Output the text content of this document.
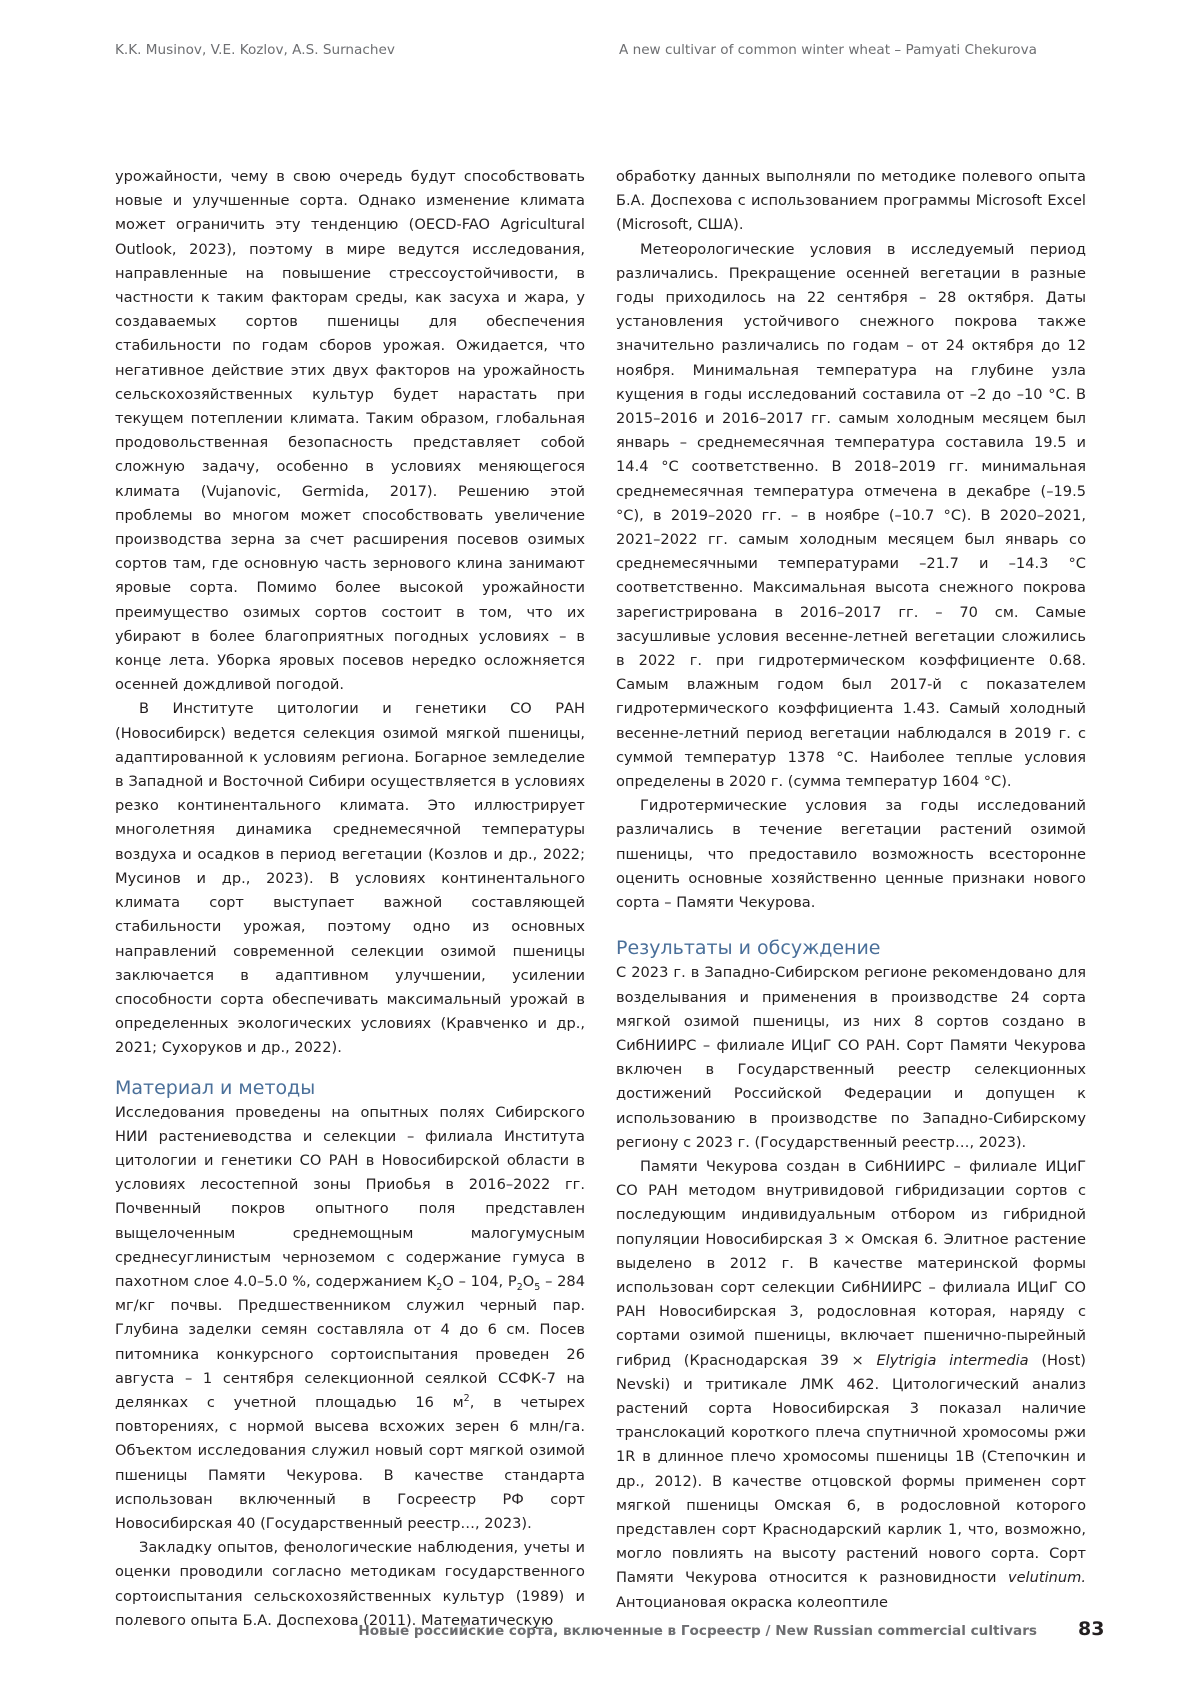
K.K. Musinov, V.E. Kozlov, A.S. Surnachev	A new cultivar of common winter wheat – Pamyati Chekurova

урожайности, чему в свою очередь будут способствовать новые и улучшенные сорта. Однако изменение климата может ограничить эту тенденцию (OECD-FAO Agricultural Outlook, 2023), поэтому в мире ведутся исследования, направленные на повышение стрессоустойчивости, в частности к таким факторам среды, как засуха и жара, у создаваемых сортов пшеницы для обеспечения стабильности по годам сборов урожая. Ожидается, что негативное действие этих двух факторов на урожайность сельскохозяйственных культур будет нарастать при текущем потеплении климата. Таким образом, глобальная продовольственная безопасность представляет собой сложную задачу, особенно в условиях меняющегося климата (Vujanovic, Germida, 2017). Решению этой проблемы во многом может способствовать увеличение производства зерна за счет расширения посевов озимых сортов там, где основную часть зернового клина занимают яровые сорта. Помимо более высокой урожайности преимущество озимых сортов состоит в том, что их убирают в более благоприятных погодных условиях – в конце лета. Уборка яровых посевов нередко осложняется осенней дождливой погодой.

В Институте цитологии и генетики СО РАН (Новосибирск) ведется селекция озимой мягкой пшеницы, адаптированной к условиям региона. Богарное земледелие в Западной и Восточной Сибири осуществляется в условиях резко континентального климата. Это иллюстрирует многолетняя динамика среднемесячной температуры воздуха и осадков в период вегетации (Козлов и др., 2022; Мусинов и др., 2023). В условиях континентального климата сорт выступает важной составляющей стабильности урожая, поэтому одно из основных направлений современной селекции озимой пшеницы заключается в адаптивном улучшении, усилении способности сорта обеспечивать максимальный урожай в определенных экологических условиях (Кравченко и др., 2021; Сухоруков и др., 2022).

Материал и методы

Исследования проведены на опытных полях Сибирского НИИ растениеводства и селекции – филиала Института цитологии и генетики СО РАН в Новосибирской области в условиях лесостепной зоны Приобья в 2016–2022 гг. Почвенный покров опытного поля представлен выщелоченным среднемощным малогумусным среднесуглинистым черноземом с содержание гумуса в пахотном слое 4.0–5.0 %, содержанием $K_2O - 104$, $P_2O_5 - 284$ мг/кг почвы. Предшественником служил черный пар. Глубина заделки семян составляла от 4 до 6 см. Посев питомника конкурсного сортоиспытания проведен 26 августа – 1 сентября селекционной сеялкой ССФК-7 на делянках с учетной площадью 16 $м^2$, в четырех повторениях, с нормой высева всхожих зерен 6 млн/га. Объектом исследования служил новый сорт мягкой озимой пшеницы Памяти Чекурова. В качестве стандарта использован включенный в Госреестр РФ сорт Новосибирская 40 (Государственный реестр…, 2023).

Закладку опытов, фенологические наблюдения, учеты и оценки проводили согласно методикам государственного сортоиспытания сельскохозяйственных культур (1989) и полевого опыта Б.А. Доспехова (2011). Математическую

обработку данных выполняли по методике полевого опыта Б.А. Доспехова с использованием программы Microsoft Excel (Microsoft, США).

Метеорологические условия в исследуемый период различались. Прекращение осенней вегетации в разные годы приходилось на 22 сентября – 28 октября. Даты установления устойчивого снежного покрова также значительно различались по годам – от 24 октября до 12 ноября. Минимальная температура на глубине узла кущения в годы исследований составила от –2 до –10 °C. В 2015–2016 и 2016–2017 гг. самым холодным месяцем был январь – среднемесячная температура составила 19.5 и 14.4 °C соответственно. В 2018–2019 гг. минимальная среднемесячная температура отмечена в декабре (–19.5 °C), в 2019–2020 гг. – в ноябре (–10.7 °C). В 2020–2021, 2021–2022 гг. самым холодным месяцем был январь со среднемесячными температурами –21.7 и –14.3 °C соответственно. Максимальная высота снежного покрова зарегистрирована в 2016–2017 гг. – 70 см. Самые засушливые условия весенне-летней вегетации сложились в 2022 г. при гидротермическом коэффициенте 0.68. Самым влажным годом был 2017-й с показателем гидротермического коэффициента 1.43. Самый холодный весенне-летний период вегетации наблюдался в 2019 г. с суммой температур 1378 °C. Наиболее теплые условия определены в 2020 г. (сумма температур 1604 °C).

Гидротермические условия за годы исследований различались в течение вегетации растений озимой пшеницы, что предоставило возможность всесторонне оценить основные хозяйственно ценные признаки нового сорта – Памяти Чекурова.

Результаты и обсуждение

С 2023 г. в Западно-Сибирском регионе рекомендовано для возделывания и применения в производстве 24 сорта мягкой озимой пшеницы, из них 8 сортов создано в СибНИИРС – филиале ИЦиГ СО РАН. Сорт Памяти Чекурова включен в Государственный реестр селекционных достижений Российской Федерации и допущен к использованию в производстве по Западно-Сибирскому региону с 2023 г. (Государственный реестр…, 2023).

Памяти Чекурова создан в СибНИИРС – филиале ИЦиГ СО РАН методом внутривидовой гибридизации сортов с последующим индивидуальным отбором из гибридной популяции Новосибирская 3 × Омская 6. Элитное растение выделено в 2012 г. В качестве материнской формы использован сорт селекции СибНИИРС – филиала ИЦиГ СО РАН Новосибирская 3, родословная которая, наряду с сортами озимой пшеницы, включает пшенично-пырейный гибрид (Краснодарская 39 × Elytrigia intermedia (Host) Nevski) и тритикале ЛМК 462. Цитологический анализ растений сорта Новосибирская 3 показал наличие транслокаций короткого плеча спутничной хромосомы ржи 1R в длинное плечо хромосомы пшеницы 1B (Степочкин и др., 2012). В качестве отцовской формы применен сорт мягкой пшеницы Омская 6, в родословной которого представлен сорт Краснодарский карлик 1, что, возможно, могло повлиять на высоту растений нового сорта. Сорт Памяти Чекурова относится к разновидности velutinum. Антоциановая окраска колеоптиле

Новые российские сорта, включенные в Госреестр / New Russian commercial cultivars 83
